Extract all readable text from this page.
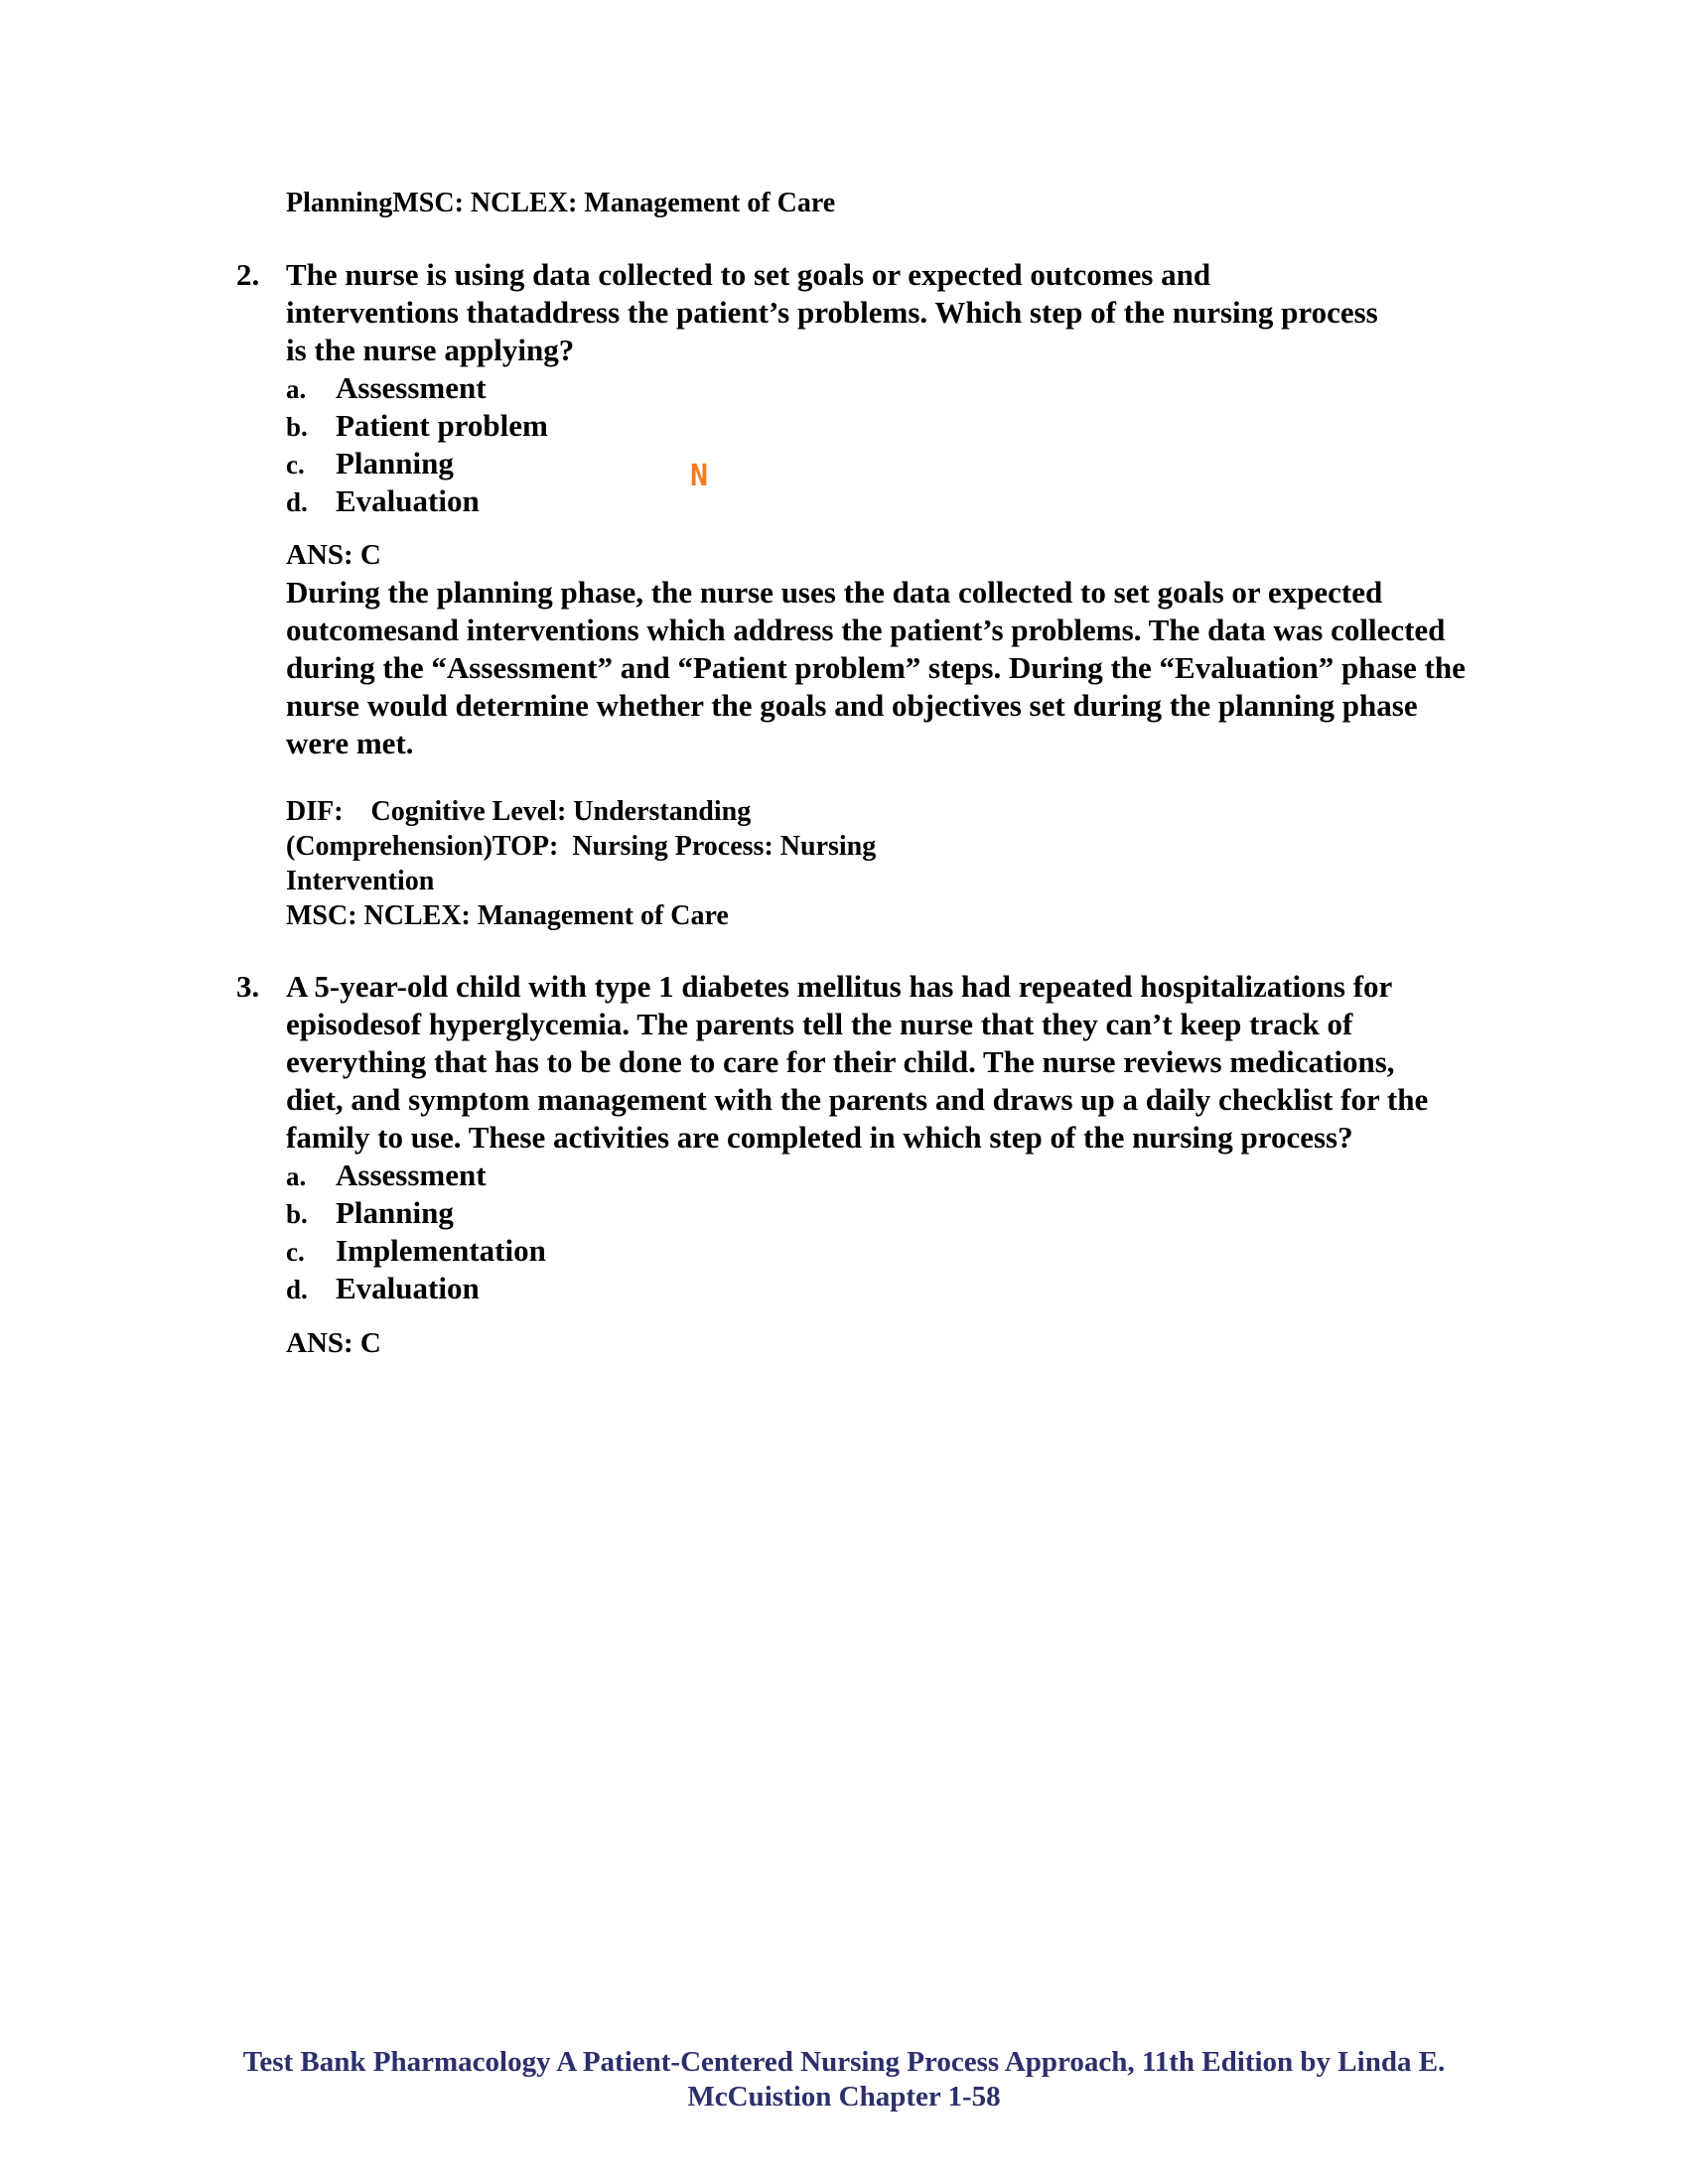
PlanningMSC: NCLEX: Management of Care
2. The nurse is using data collected to set goals or expected outcomes and
interventions thataddress the patient’s problems. Which step of the nursing process
is the nurse applying?
a. Assessment
b. Patient problem
c. Planning
d. Evaluation
N
ANS: C
During the planning phase, the nurse uses the data collected to set goals or expected
outcomesand interventions which address the patient’s problems. The data was collected
during the “Assessment” and “Patient problem” steps. During the “Evaluation” phase the
nurse would determine whether the goals and objectives set during the planning phase
were met.
DIF:    Cognitive Level: Understanding
(Comprehension)TOP:  Nursing Process: Nursing
Intervention
MSC: NCLEX: Management of Care
3. A 5-year-old child with type 1 diabetes mellitus has had repeated hospitalizations for
episodesof hyperglycemia. The parents tell the nurse that they can’t keep track of
everything that has to be done to care for their child. The nurse reviews medications,
diet, and symptom management with the parents and draws up a daily checklist for the
family to use. These activities are completed in which step of the nursing process?
a. Assessment
b. Planning
c. Implementation
d. Evaluation
ANS: C
Test Bank Pharmacology A Patient-Centered Nursing Process Approach, 11th Edition by Linda E.
McCuistion Chapter 1-58
